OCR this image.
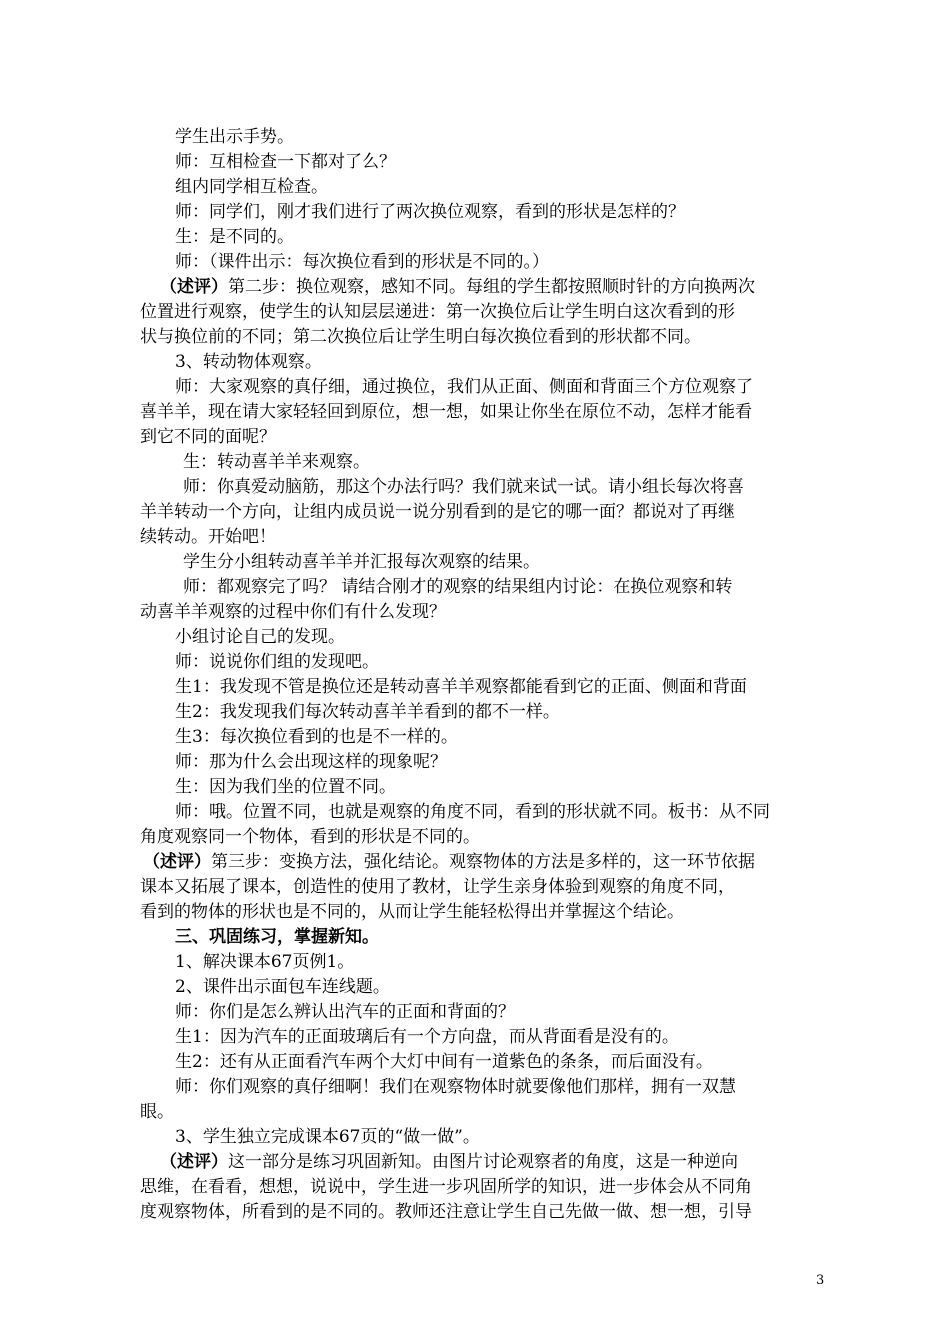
学生出示手势。
师：互相检查一下都对了么？
组内同学相互检查。
师：同学们，刚才我们进行了两次换位观察，看到的形状是怎样的？
生：是不同的。
师：（课件出示：每次换位看到的形状是不同的。）
（述评）第二步：换位观察，感知不同。每组的学生都按照顺时针的方向换两次
位置进行观察，使学生的认知层层递进：第一次换位后让学生明白这次看到的形
状与换位前的不同；第二次换位后让学生明白每次换位看到的形状都不同。
3、转动物体观察。
师：大家观察的真仔细，通过换位，我们从正面、侧面和背面三个方位观察了
喜羊羊，现在请大家轻轻回到原位，想一想，如果让你坐在原位不动，怎样才能看
到它不同的面呢？
生：转动喜羊羊来观察。
师：你真爱动脑筋，那这个办法行吗？我们就来试一试。请小组长每次将喜
羊羊转动一个方向，让组内成员说一说分别看到的是它的哪一面？都说对了再继
续转动。开始吧！
学生分小组转动喜羊羊并汇报每次观察的结果。
师：都观察完了吗？ 请结合刚才的观察的结果组内讨论：在换位观察和转
动喜羊羊观察的过程中你们有什么发现？
小组讨论自己的发现。
师：说说你们组的发现吧。
生1：我发现不管是换位还是转动喜羊羊观察都能看到它的正面、侧面和背面
生2：我发现我们每次转动喜羊羊看到的都不一样。
生3：每次换位看到的也是不一样的。
师：那为什么会出现这样的现象呢？
生：因为我们坐的位置不同。
师：哦。位置不同，也就是观察的角度不同，看到的形状就不同。板书：从不同
角度观察同一个物体，看到的形状是不同的。
（述评）第三步：变换方法，强化结论。观察物体的方法是多样的，这一环节依据
课本又拓展了课本，创造性的使用了教材，让学生亲身体验到观察的角度不同，
看到的物体的形状也是不同的，从而让学生能轻松得出并掌握这个结论。
三、巩固练习，掌握新知。
1、解决课本67页例1。
2、课件出示面包车连线题。
师：你们是怎么辨认出汽车的正面和背面的？
生1：因为汽车的正面玻璃后有一个方向盘，而从背面看是没有的。
生2：还有从正面看汽车两个大灯中间有一道紫色的条条，而后面没有。
师：你们观察的真仔细啊！我们在观察物体时就要像他们那样，拥有一双慧
眼。
3、学生独立完成课本67页的“做一做”。
（述评）这一部分是练习巩固新知。由图片讨论观察者的角度，这是一种逆向
思维，在看看，想想，说说中，学生进一步巩固所学的知识，进一步体会从不同角
度观察物体，所看到的是不同的。教师还注意让学生自己先做一做、想一想，引导
3
